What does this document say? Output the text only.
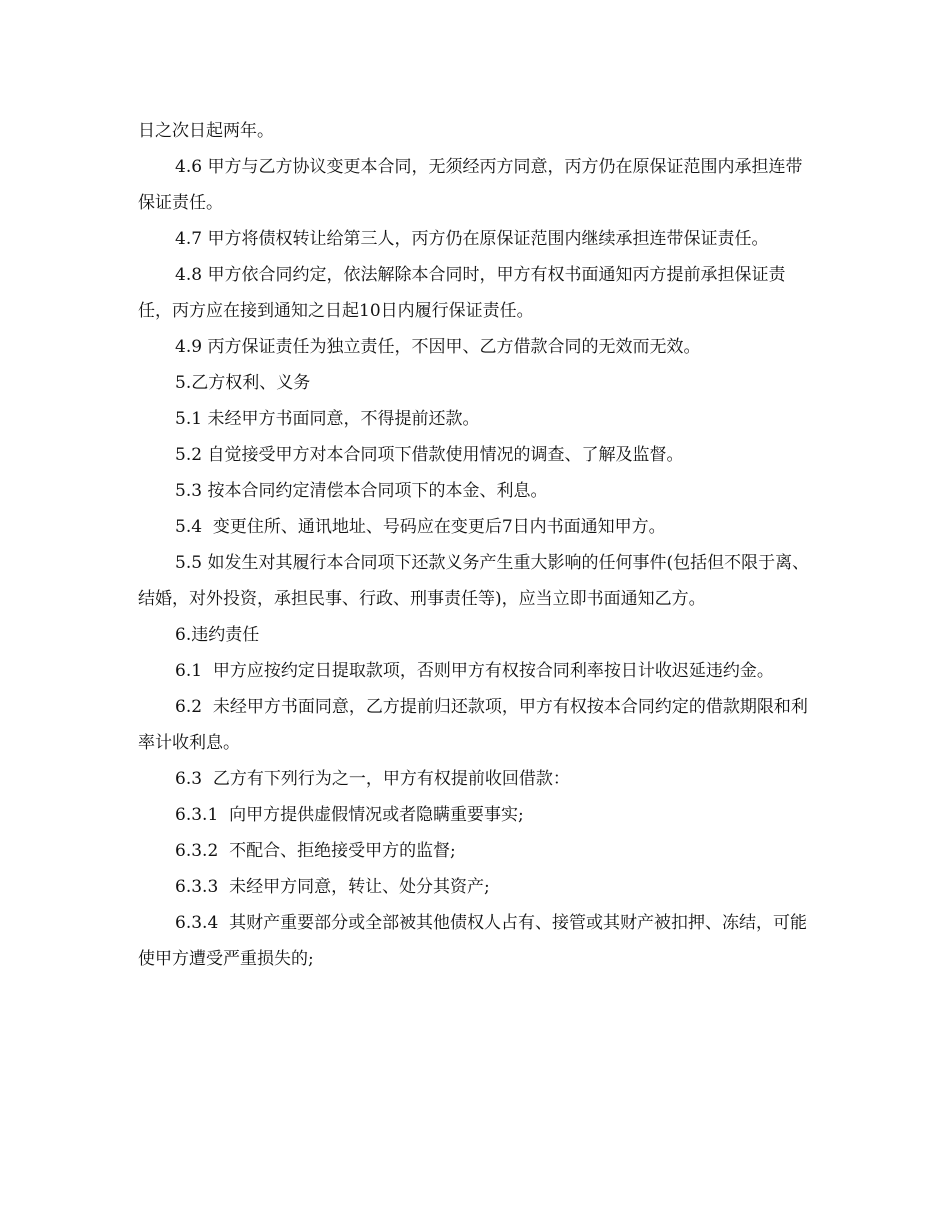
日之次日起两年。

4.6 甲方与乙方协议变更本合同，无须经丙方同意，丙方仍在原保证范围内承担连带保证责任。

4.7 甲方将债权转让给第三人，丙方仍在原保证范围内继续承担连带保证责任。

4.8 甲方依合同约定，依法解除本合同时，甲方有权书面通知丙方提前承担保证责任，丙方应在接到通知之日起10日内履行保证责任。

4.9 丙方保证责任为独立责任，不因甲、乙方借款合同的无效而无效。

5.乙方权利、义务

5.1 未经甲方书面同意，不得提前还款。

5.2 自觉接受甲方对本合同项下借款使用情况的调查、了解及监督。

5.3 按本合同约定清偿本合同项下的本金、利息。

5.4  变更住所、通讯地址、号码应在变更后7日内书面通知甲方。

5.5 如发生对其履行本合同项下还款义务产生重大影响的任何事件(包括但不限于离、结婚，对外投资，承担民事、行政、刑事责任等)，应当立即书面通知乙方。

6.违约责任

6.1  甲方应按约定日提取款项，否则甲方有权按合同利率按日计收迟延违约金。

6.2  未经甲方书面同意，乙方提前归还款项，甲方有权按本合同约定的借款期限和利率计收利息。

6.3  乙方有下列行为之一，甲方有权提前收回借款：

6.3.1  向甲方提供虚假情况或者隐瞒重要事实;

6.3.2  不配合、拒绝接受甲方的监督;

6.3.3  未经甲方同意，转让、处分其资产;

6.3.4  其财产重要部分或全部被其他债权人占有、接管或其财产被扣押、冻结，可能使甲方遭受严重损失的;
